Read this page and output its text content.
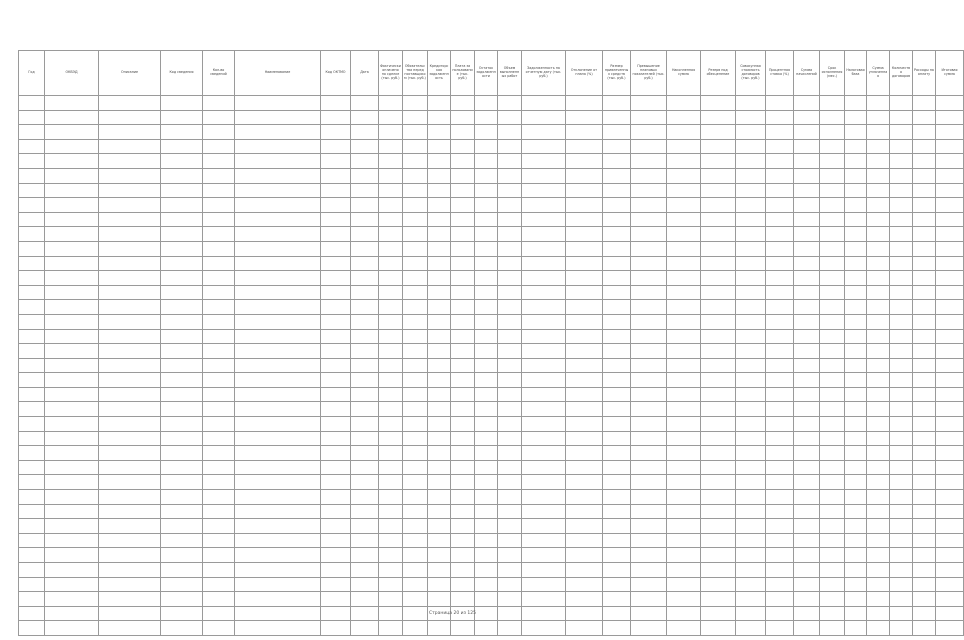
Год	ОКВЭД	Описание	Код сведения	Кол-во сведений	Наименование	Код ОКТМО	Дата	Фактически оплачено по сделке (тыс. руб.)	Обязательства перед поставщиком (тыс. руб.)	Кредиторская задолженность	Плата за пользование (тыс. руб.)	Остаток задолженности	Объем выполненных работ	Задолженность на отчетную дату (тыс. руб.)	Отклонение от плана (%)	Размер привлеченных средств (тыс. руб.)	Превышение плановых показателей (тыс. руб.)	Накопленная сумма	Резерв под обесценение	Совокупная стоимость договоров (тыс. руб.)	Процентная ставка (%)	Сумма начислений	Срок исполнения (мес.)	Налоговая база	Сумма уплаченная	Количество договоров	Расходы на оплату	Итоговая сумма

Страница 20 из 125
